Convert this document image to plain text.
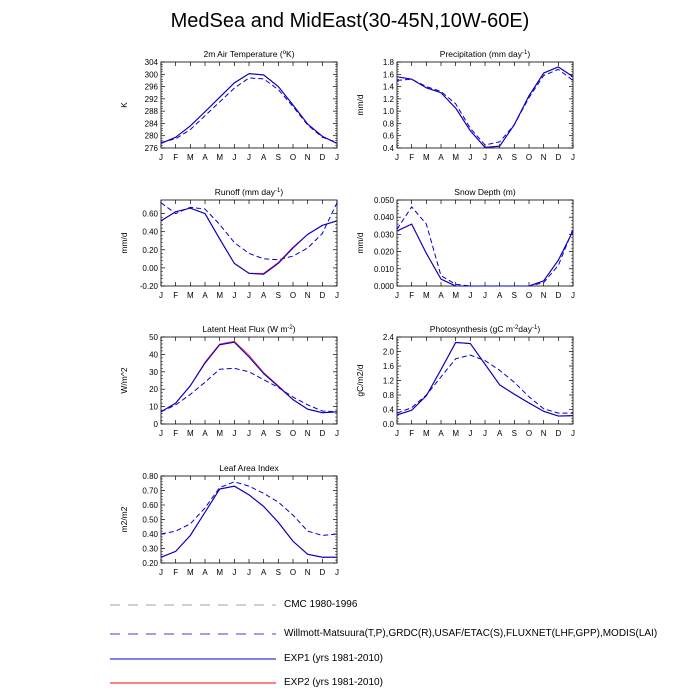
MedSea and MidEast(30-45N,10W-60E)
2m Air Temperature ($^o$K)
276
280
284
288
292
296
300
304
K
J F M A M J J A S O N D J
Precipitation (mm day$^{-1}$)
0.4
0.6
0.8
1.0
1.2
1.4
1.6
1.8
mm/d
J F M A M J J A S O N D J
Runoff (mm day$^{-1}$)
-0.20
0.00
0.20
0.40
0.60
mm/d
J F M A M J J A S O N D J
Snow Depth (m)
0.000
0.010
0.020
0.030
0.040
0.050
mm/d
J F M A M J J A S O N D J
Latent Heat Flux (W $m^{-2}$)
0
10
20
30
40
50
W/m^2
J F M A M J J A S O N D J
Photosynthesis (gC $m^{-2}day^{-1}$)
0.0
0.4
0.8
1.2
1.6
2.0
2.4
gC/m2/d
J F M A M J J A S O N D J
Leaf Area Index
0.20
0.30
0.40
0.50
0.60
0.70
0.80
m2/m2
J F M A M J J A S O N D J
CMC 1980-1996
Willmott-Matsuura(T,P),GRDC(R),USAF/ETAC(S),FLUXNET(LHF,GPP),MODIS(LAI)
EXP1 (yrs 1981-2010)
EXP2 (yrs 1981-2010)
